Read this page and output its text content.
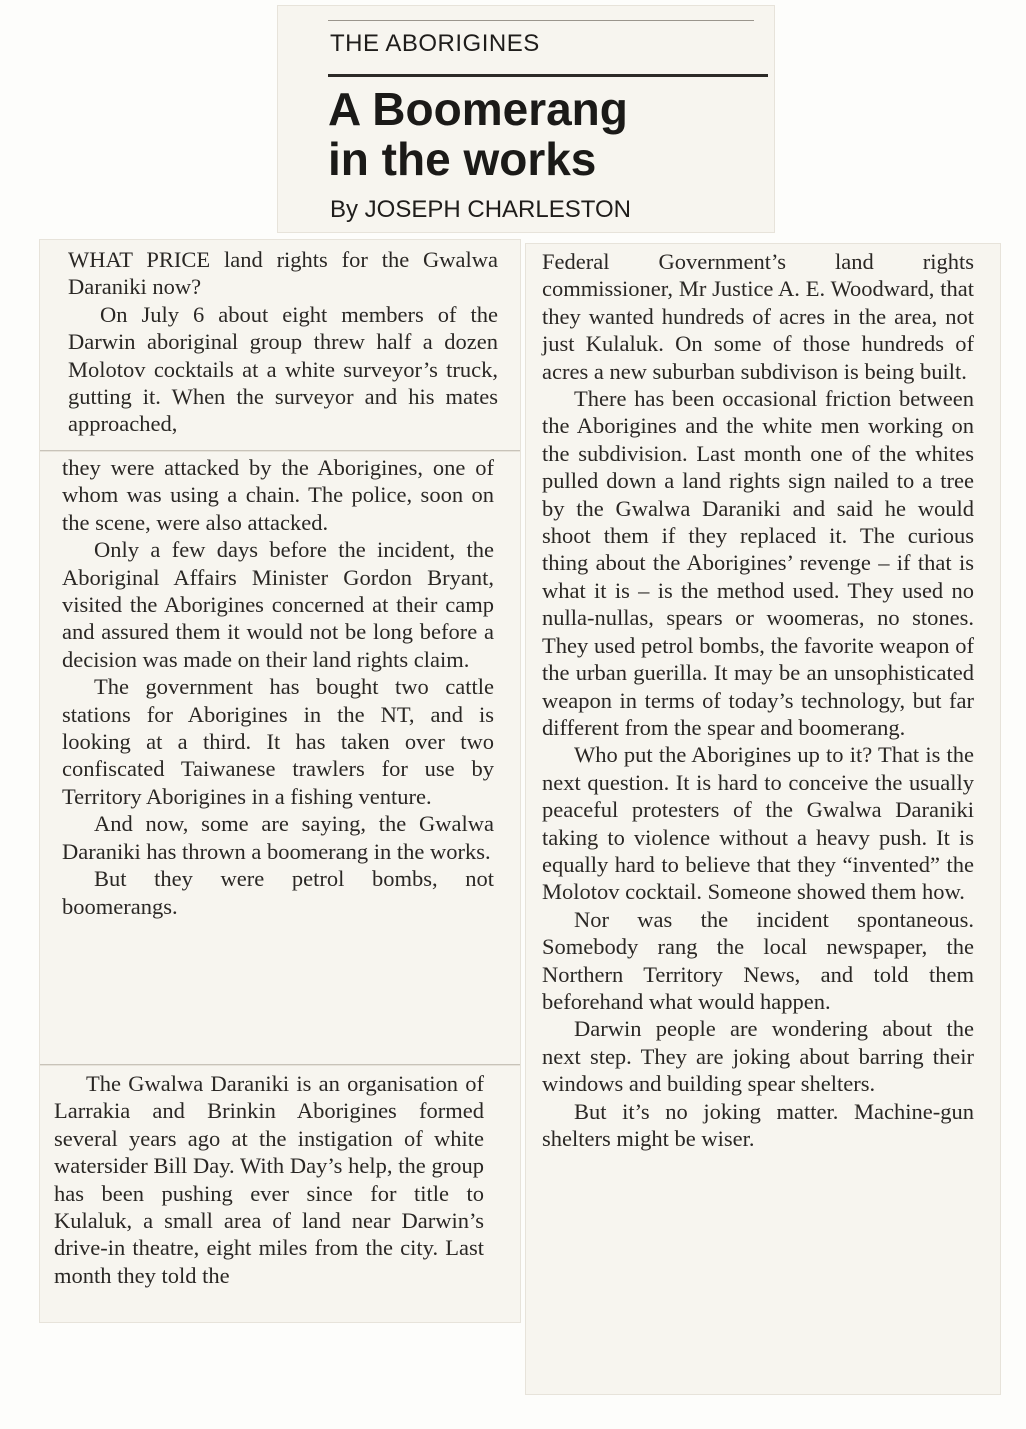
THE ABORIGINES
A Boomerang
in the works
By JOSEPH CHARLESTON

WHAT PRICE land rights for the Gwalwa Daraniki now?

On July 6 about eight members of the Darwin aboriginal group threw half a dozen Molotov cocktails at a white surveyor’s truck, gutting it. When the surveyor and his mates approached,

they were attacked by the Aborigines, one of whom was using a chain. The police, soon on the scene, were also attacked.

Only a few days before the incident, the Aboriginal Affairs Minister Gordon Bryant, visited the Aborigines concerned at their camp and assured them it would not be long before a decision was made on their land rights claim.

The government has bought two cattle stations for Aborigines in the NT, and is looking at a third. It has taken over two confiscated Taiwanese trawlers for use by Territory Aborigines in a fishing venture.

And now, some are saying, the Gwalwa Daraniki has thrown a boomerang in the works.

But they were petrol bombs, not boomerangs.

The Gwalwa Daraniki is an organisation of Larrakia and Brinkin Aborigines formed several years ago at the instigation of white watersider Bill Day. With Day’s help, the group has been pushing ever since for title to Kulaluk, a small area of land near Darwin’s drive-in theatre, eight miles from the city. Last month they told the

Federal Government’s land rights commissioner, Mr Justice A. E. Woodward, that they wanted hundreds of acres in the area, not just Kulaluk. On some of those hundreds of acres a new suburban subdivison is being built.

There has been occasional friction between the Aborigines and the white men working on the subdivision. Last month one of the whites pulled down a land rights sign nailed to a tree by the Gwalwa Daraniki and said he would shoot them if they replaced it. The curious thing about the Aborigines’ revenge – if that is what it is – is the method used. They used no nulla-nullas, spears or woomeras, no stones. They used petrol bombs, the favorite weapon of the urban guerilla. It may be an unsophisticated weapon in terms of today’s technology, but far different from the spear and boomerang.

Who put the Aborigines up to it? That is the next question. It is hard to conceive the usually peaceful protesters of the Gwalwa Daraniki taking to violence without a heavy push. It is equally hard to believe that they “invented” the Molotov cocktail. Someone showed them how.

Nor was the incident spontaneous. Somebody rang the local newspaper, the Northern Territory News, and told them beforehand what would happen.

Darwin people are wondering about the next step. They are joking about barring their windows and building spear shelters.

But it’s no joking matter. Machine-gun shelters might be wiser.
